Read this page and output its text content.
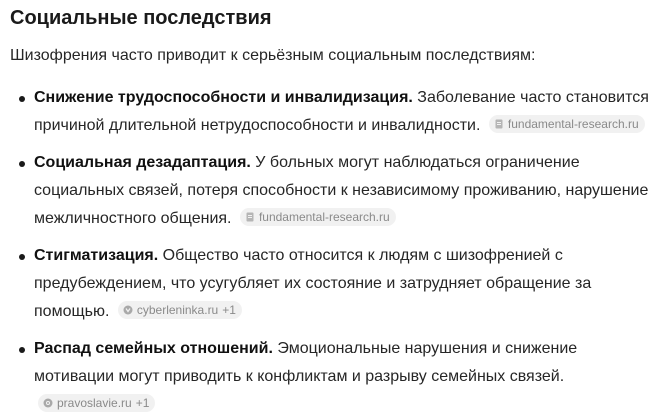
Социальные последствия

Шизофрения часто приводит к серьёзным социальным последствиям:

Снижение трудоспособности и инвалидизация. Заболевание часто становится причиной длительной нетрудоспособности и инвалидности. fundamental-research.ru
Социальная дезадаптация. У больных могут наблюдаться ограничение социальных связей, потеря способности к независимому проживанию, нарушение межличностного общения. fundamental-research.ru
Стигматизация. Общество часто относится к людям с шизофренией с предубеждением, что усугубляет их состояние и затрудняет обращение за помощью. cyberleninka.ru +1
Распад семейных отношений. Эмоциональные нарушения и снижение мотивации могут приводить к конфликтам и разрыву семейных связей.
pravoslavie.ru +1
